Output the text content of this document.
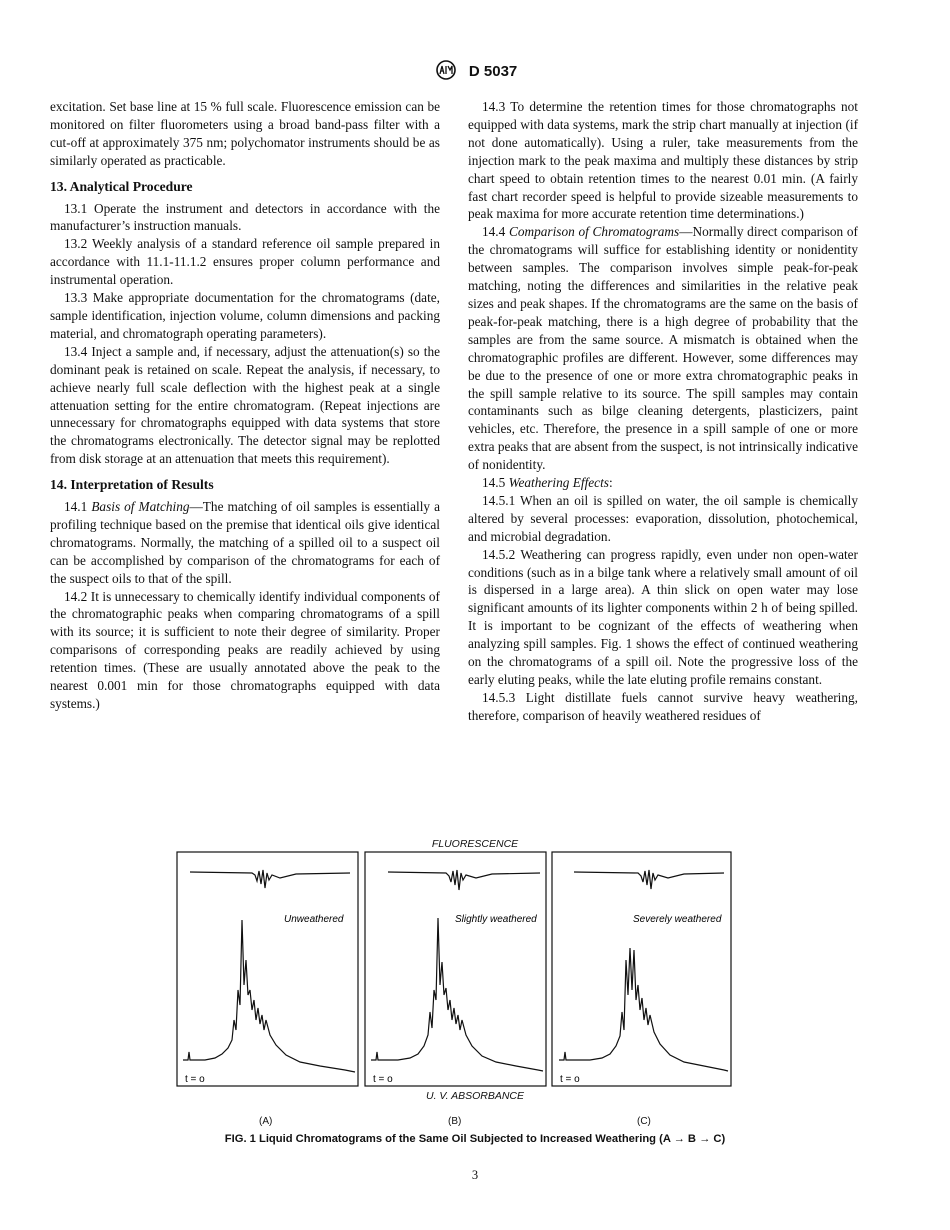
D 5037

excitation. Set base line at 15 % full scale. Fluorescence emission can be monitored on filter fluorometers using a broad band-pass filter with a cut-off at approximately 375 nm; polychomator instruments should be as similarly operated as practicable.

13. Analytical Procedure

13.1 Operate the instrument and detectors in accordance with the manufacturer’s instruction manuals.

13.2 Weekly analysis of a standard reference oil sample prepared in accordance with 11.1-11.1.2 ensures proper column performance and instrumental operation.

13.3 Make appropriate documentation for the chromatograms (date, sample identification, injection volume, column dimensions and packing material, and chromatograph operating parameters).

13.4 Inject a sample and, if necessary, adjust the attenuation(s) so the dominant peak is retained on scale. Repeat the analysis, if necessary, to achieve nearly full scale deflection with the highest peak at a single attenuation setting for the entire chromatogram. (Repeat injections are unnecessary for chromatographs equipped with data systems that store the chromatograms electronically. The detector signal may be replotted from disk storage at an attenuation that meets this requirement).

14. Interpretation of Results

14.1 Basis of Matching—The matching of oil samples is essentially a profiling technique based on the premise that identical oils give identical chromatograms. Normally, the matching of a spilled oil to a suspect oil can be accomplished by comparison of the chromatograms for each of the suspect oils to that of the spill.

14.2 It is unnecessary to chemically identify individual components of the chromatographic peaks when comparing chromatograms of a spill with its source; it is sufficient to note their degree of similarity. Proper comparisons of corresponding peaks are readily achieved by using retention times. (These are usually annotated above the peak to the nearest 0.001 min for those chromatographs equipped with data systems.)

14.3 To determine the retention times for those chromatographs not equipped with data systems, mark the strip chart manually at injection (if not done automatically). Using a ruler, take measurements from the injection mark to the peak maxima and multiply these distances by strip chart speed to obtain retention times to the nearest 0.01 min. (A fairly fast chart recorder speed is helpful to provide sizeable measurements to peak maxima for more accurate retention time determinations.)

14.4 Comparison of Chromatograms—Normally direct comparison of the chromatograms will suffice for establishing identity or nonidentity between samples. The comparison involves simple peak-for-peak matching, noting the differences and similarities in the relative peak sizes and peak shapes. If the chromatograms are the same on the basis of peak-for-peak matching, there is a high degree of probability that the samples are from the same source. A mismatch is obtained when the chromatographic profiles are different. However, some differences may be due to the presence of one or more extra chromatographic peaks in the spill sample relative to its source. The spill samples may contain contaminants such as bilge cleaning detergents, plasticizers, paint vehicles, etc. Therefore, the presence in a spill sample of one or more extra peaks that are absent from the suspect, is not intrinsically indicative of nonidentity.

14.5 Weathering Effects:

14.5.1 When an oil is spilled on water, the oil sample is chemically altered by several processes: evaporation, dissolution, photochemical, and microbial degradation.

14.5.2 Weathering can progress rapidly, even under non open-water conditions (such as in a bilge tank where a relatively small amount of oil is dispersed in a large area). A thin slick on open water may lose significant amounts of its lighter components within 2 h of being spilled. It is important to be cognizant of the effects of weathering when analyzing spill samples. Fig. 1 shows the effect of continued weathering on the chromatograms of a spill oil. Note the progressive loss of the early eluting peaks, while the late eluting profile remains constant.

14.5.3 Light distillate fuels cannot survive heavy weathering, therefore, comparison of heavily weathered residues of

FLUORESCENCE
Unweathered
t = o
Slightly weathered
t = o
Severely weathered
t = o
U. V. ABSORBANCE
(A)	(B)	(C)
FIG. 1 Liquid Chromatograms of the Same Oil Subjected to Increased Weathering (A → B → C)
3
